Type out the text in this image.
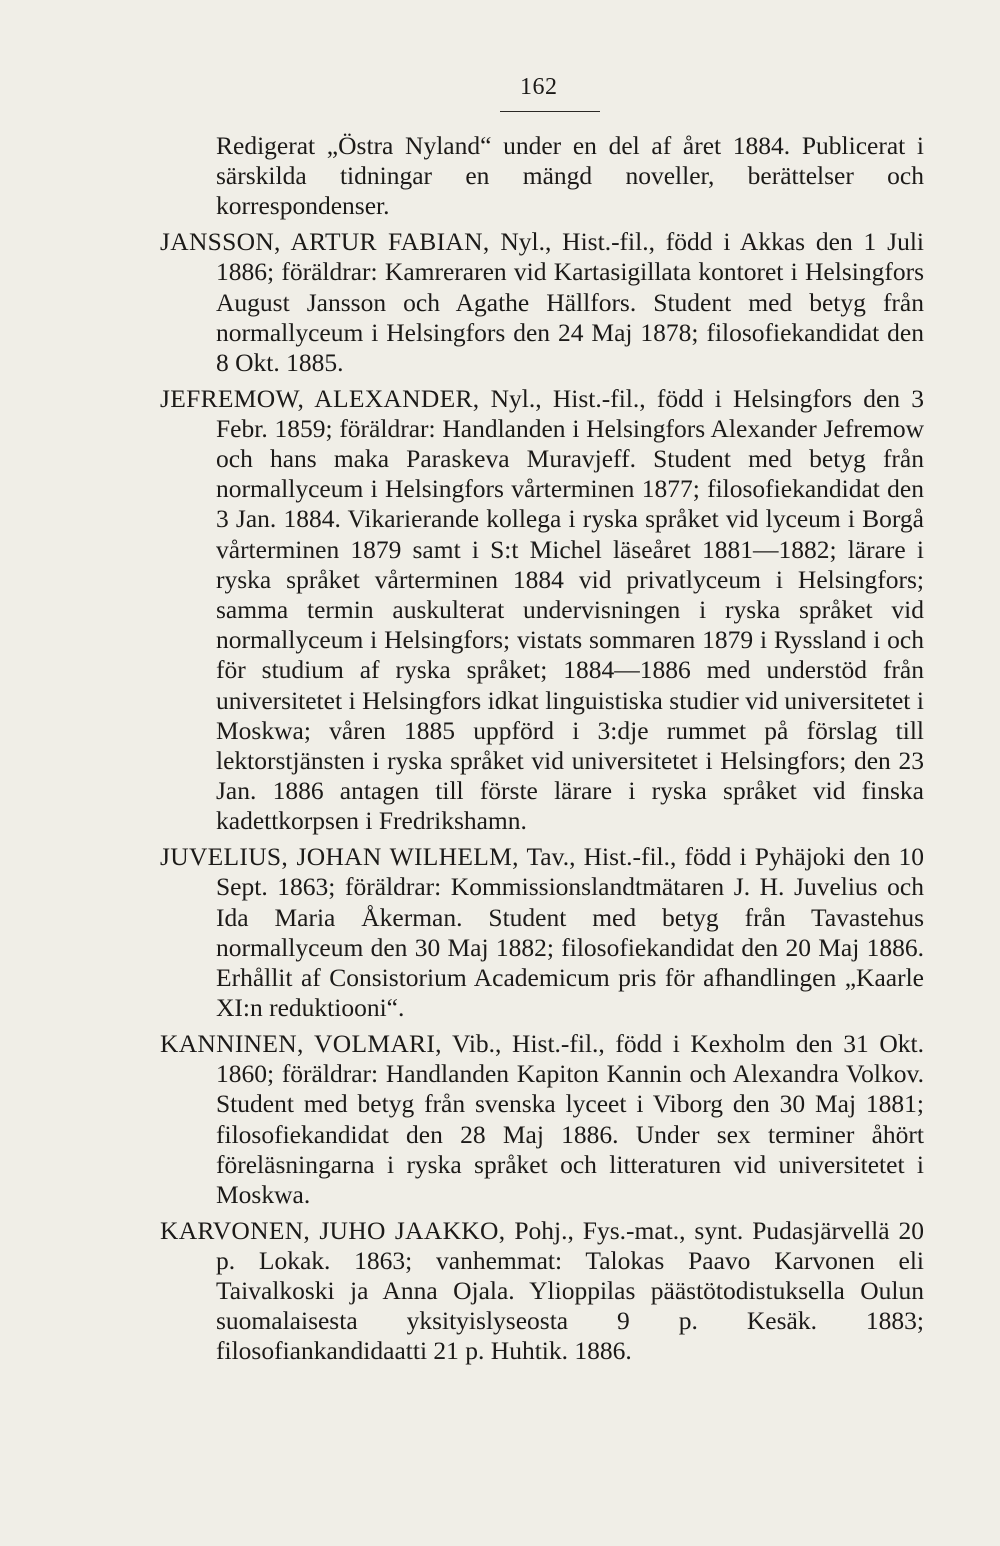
162

Redigerat „Östra Nyland“ under en del af året 1884. Publicerat i särskilda tidningar en mängd noveller, berättelser och korrespondenser.

JANSSON, ARTUR FABIAN, Nyl., Hist.-fil., född i Akkas den 1 Juli 1886; föräldrar: Kamreraren vid Kartasigillata kontoret i Helsingfors August Jansson och Agathe Hällfors. Student med betyg från normallyceum i Helsingfors den 24 Maj 1878; filosofiekandidat den 8 Okt. 1885.

JEFREMOW, ALEXANDER, Nyl., Hist.-fil., född i Helsingfors den 3 Febr. 1859; föräldrar: Handlanden i Helsingfors Alexander Jefremow och hans maka Paraskeva Muravjeff. Student med betyg från normallyceum i Helsingfors vårterminen 1877; filosofiekandidat den 3 Jan. 1884. Vikarierande kollega i ryska språket vid lyceum i Borgå vårterminen 1879 samt i S:t Michel läseåret 1881—1882; lärare i ryska språket vårterminen 1884 vid privatlyceum i Helsingfors; samma termin auskulterat undervisningen i ryska språket vid normallyceum i Helsingfors; vistats sommaren 1879 i Ryssland i och för studium af ryska språket; 1884—1886 med understöd från universitetet i Helsingfors idkat linguistiska studier vid universitetet i Moskwa; våren 1885 uppförd i 3:dje rummet på förslag till lektorstjänsten i ryska språket vid universitetet i Helsingfors; den 23 Jan. 1886 antagen till förste lärare i ryska språket vid finska kadettkorpsen i Fredrikshamn.

JUVELIUS, JOHAN WILHELM, Tav., Hist.-fil., född i Pyhäjoki den 10 Sept. 1863; föräldrar: Kommissionslandtmätaren J. H. Juvelius och Ida Maria Åkerman. Student med betyg från Tavastehus normallyceum den 30 Maj 1882; filosofiekandidat den 20 Maj 1886. Erhållit af Consistorium Academicum pris för afhandlingen „Kaarle XI:n reduktiooni“.

KANNINEN, VOLMARI, Vib., Hist.-fil., född i Kexholm den 31 Okt. 1860; föräldrar: Handlanden Kapiton Kannin och Alexandra Volkov. Student med betyg från svenska lyceet i Viborg den 30 Maj 1881; filosofiekandidat den 28 Maj 1886. Under sex terminer åhört föreläsningarna i ryska språket och litteraturen vid universitetet i Moskwa.

KARVONEN, JUHO JAAKKO, Pohj., Fys.-mat., synt. Pudasjärvellä 20 p. Lokak. 1863; vanhemmat: Talokas Paavo Karvonen eli Taivalkoski ja Anna Ojala. Ylioppilas päästötodistuksella Oulun suomalaisesta yksityislyseosta 9 p. Kesäk. 1883; filosofiankandidaatti 21 p. Huhtik. 1886.
